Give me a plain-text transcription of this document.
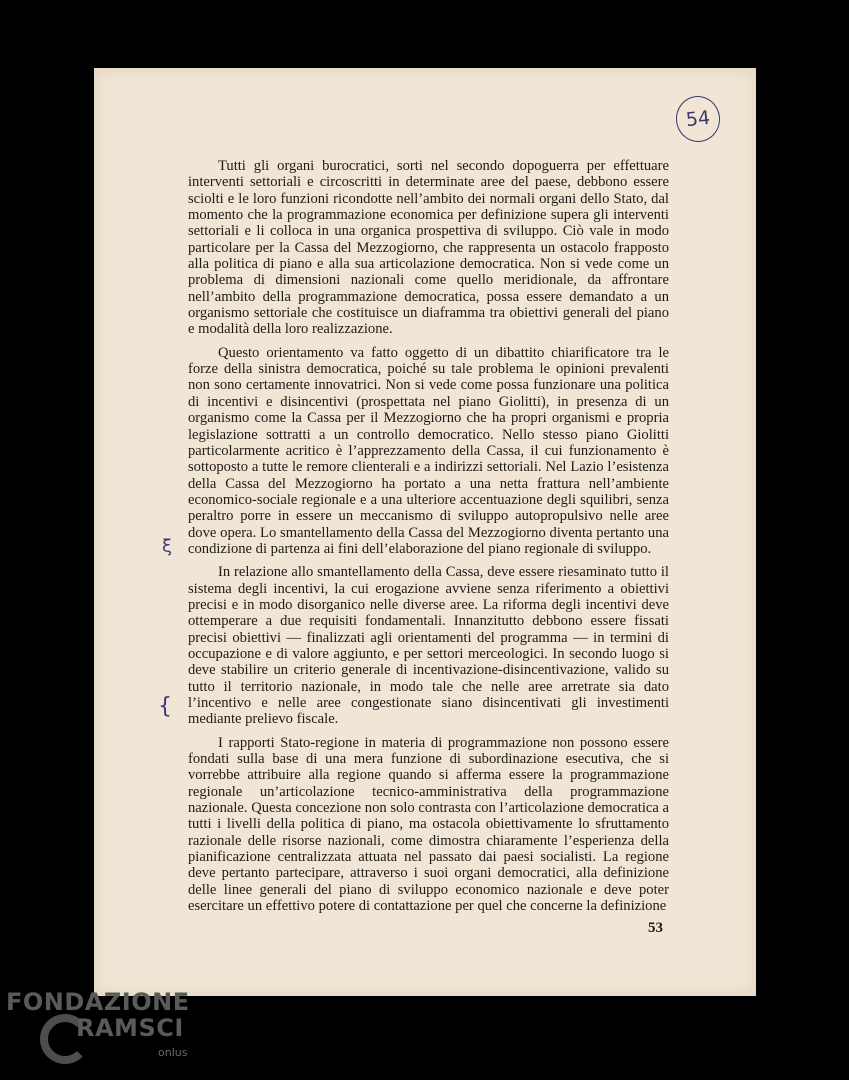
54

Tutti gli organi burocratici, sorti nel secondo dopoguerra per effettuare interventi settoriali e circoscritti in determinate aree del paese, debbono essere sciolti e le loro funzioni ricondotte nell’ambito dei normali organi dello Stato, dal momento che la programmazione economica per definizione supera gli interventi settoriali e li colloca in una organica prospettiva di sviluppo. Ciò vale in modo particolare per la Cassa del Mezzogiorno, che rappresenta un ostacolo frapposto alla politica di piano e alla sua articolazione democratica. Non si vede come un problema di dimensioni nazionali come quello meridionale, da affrontare nell’ambito della programmazione democratica, possa essere demandato a un organismo settoriale che costituisce un diaframma tra obiettivi generali del piano e modalità della loro realizzazione.

Questo orientamento va fatto oggetto di un dibattito chiarificatore tra le forze della sinistra democratica, poiché su tale problema le opinioni prevalenti non sono certamente innovatrici. Non si vede come possa funzionare una politica di incentivi e disincentivi (prospettata nel piano Giolitti), in presenza di un organismo come la Cassa per il Mezzogiorno che ha propri organismi e propria legislazione sottratti a un controllo democratico. Nello stesso piano Giolitti particolarmente acritico è l’apprezzamento della Cassa, il cui funzionamento è sottoposto a tutte le remore clienterali e a indirizzi settoriali. Nel Lazio l’esistenza della Cassa del Mezzogiorno ha portato a una netta frattura nell’ambiente economico-sociale regionale e a una ulteriore accentuazione degli squilibri, senza peraltro porre in essere un meccanismo di sviluppo autopropulsivo nelle aree dove opera. Lo smantellamento della Cassa del Mezzogiorno diventa pertanto una condizione di partenza ai fini dell’elaborazione del piano regionale di sviluppo.

In relazione allo smantellamento della Cassa, deve essere riesaminato tutto il sistema degli incentivi, la cui erogazione avviene senza riferimento a obiettivi precisi e in modo disorganico nelle diverse aree. La riforma degli incentivi deve ottemperare a due requisiti fondamentali. Innanzitutto debbono essere fissati precisi obiettivi — finalizzati agli orientamenti del programma — in termini di occupazione e di valore aggiunto, e per settori merceologici. In secondo luogo si deve stabilire un criterio generale di incentivazione-disincentivazione, valido su tutto il territorio nazionale, in modo tale che nelle aree arretrate sia dato l’incentivo e nelle aree congestionate siano disincentivati gli investimenti mediante prelievo fiscale.

I rapporti Stato-regione in materia di programmazione non possono essere fondati sulla base di una mera funzione di subordinazione esecutiva, che si vorrebbe attribuire alla regione quando si afferma essere la programmazione regionale un’articolazione tecnico-amministrativa della programmazione nazionale. Questa concezione non solo contrasta con l’articolazione democratica a tutti i livelli della politica di piano, ma ostacola obiettivamente lo sfruttamento razionale delle risorse nazionali, come dimostra chiaramente l’esperienza della pianificazione centralizzata attuata nel passato dai paesi socialisti. La regione deve pertanto partecipare, attraverso i suoi organi democratici, alla definizione delle linee generali del piano di sviluppo economico nazionale e deve poter esercitare un effettivo potere di contattazione per quel che concerne la definizione

ξ
{
53
FONDAZIONE
RAMSCI
onlus
